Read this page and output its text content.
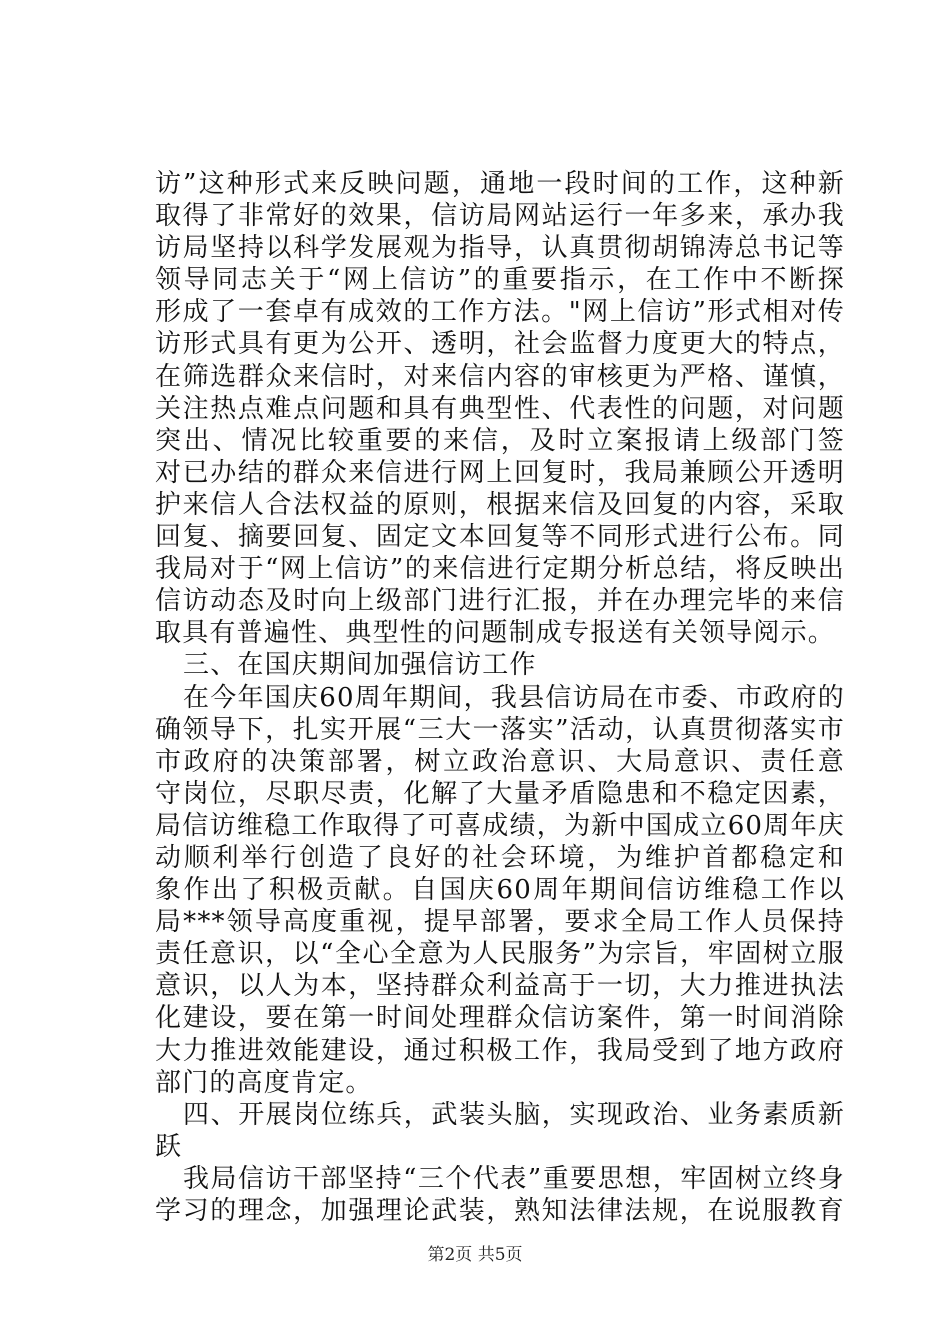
访”这种形式来反映问题，通地一段时间的工作，这种新
取得了非常好的效果，信访局网站运行一年多来，承办我
访局坚持以科学发展观为指导，认真贯彻胡锦涛总书记等
领导同志关于“网上信访”的重要指示，在工作中不断探
形成了一套卓有成效的工作方法。"网上信访”形式相对传
访形式具有更为公开、透明，社会监督力度更大的特点，
在筛选群众来信时，对来信内容的审核更为严格、谨慎，
关注热点难点问题和具有典型性、代表性的问题，对问题
突出、情况比较重要的来信，及时立案报请上级部门签
对已办结的群众来信进行网上回复时，我局兼顾公开透明
护来信人合法权益的原则，根据来信及回复的内容，采取
回复、摘要回复、固定文本回复等不同形式进行公布。同
我局对于“网上信访”的来信进行定期分析总结，将反映出
信访动态及时向上级部门进行汇报，并在办理完毕的来信
取具有普遍性、典型性的问题制成专报送有关领导阅示。
三、在国庆期间加强信访工作
在今年国庆60周年期间，我县信访局在市委、市政府的
确领导下，扎实开展“三大一落实”活动，认真贯彻落实市
市政府的决策部署，树立政治意识、大局意识、责任意
守岗位，尽职尽责，化解了大量矛盾隐患和不稳定因素，
局信访维稳工作取得了可喜成绩，为新中国成立60周年庆
动顺利举行创造了良好的社会环境，为维护首都稳定和
象作出了积极贡献。自国庆60周年期间信访维稳工作以
局***领导高度重视，提早部署，要求全局工作人员保持
责任意识，以“全心全意为人民服务”为宗旨，牢固树立服
意识，以人为本，坚持群众利益高于一切，大力推进执法
化建设，要在第一时间处理群众信访案件，第一时间消除
大力推进效能建设，通过积极工作，我局受到了地方政府
部门的高度肯定。
四、开展岗位练兵，武装头脑，实现政治、业务素质新
跃
我局信访干部坚持“三个代表”重要思想，牢固树立终身
学习的理念，加强理论武装，熟知法律法规，在说服教育
第2页 共5页
